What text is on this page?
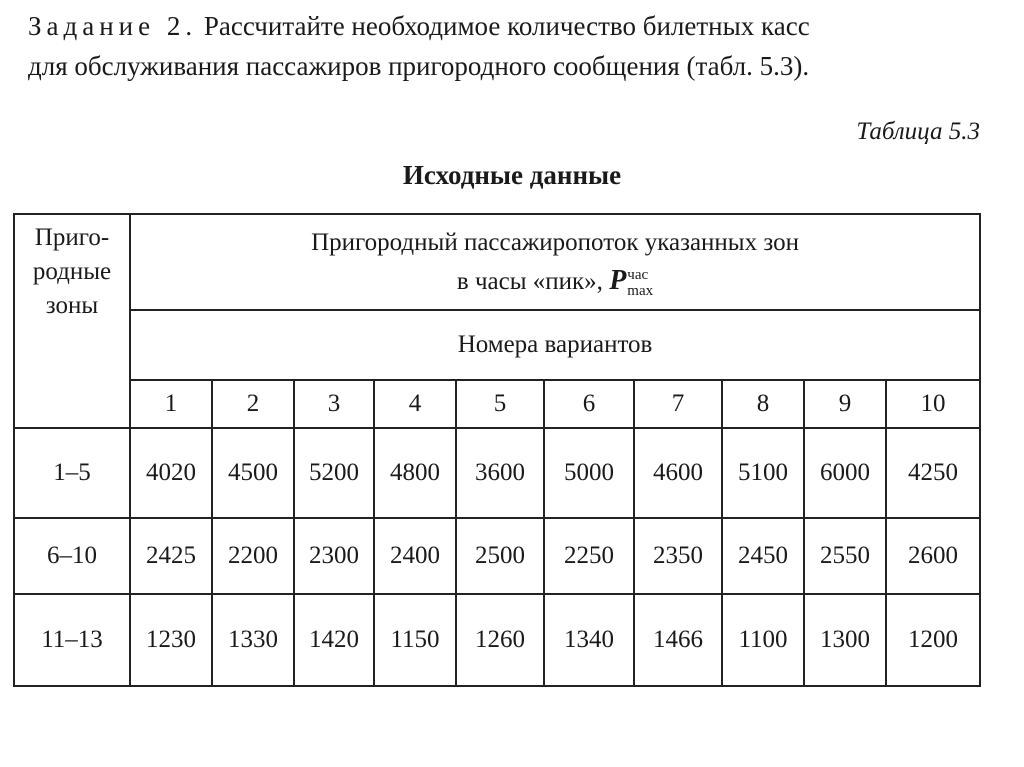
Задание 2. Рассчитайте необходимое количество билетных касс
для обслуживания пассажиров пригородного сообщения (табл. 5.3).
Таблица 5.3
Исходные данные
Приго-
родные
зоны	Пригородный пассажиропоток указанных зон
в часы «пик», P час
max									

	Номера вариантов									
	1	2	3	4	5	6	7	8	9	10
1–5	4020	4500	5200	4800	3600	5000	4600	5100	6000	4250
6–10	2425	2200	2300	2400	2500	2250	2350	2450	2550	2600
11–13	1230	1330	1420	1150	1260	1340	1466	1100	1300	1200
